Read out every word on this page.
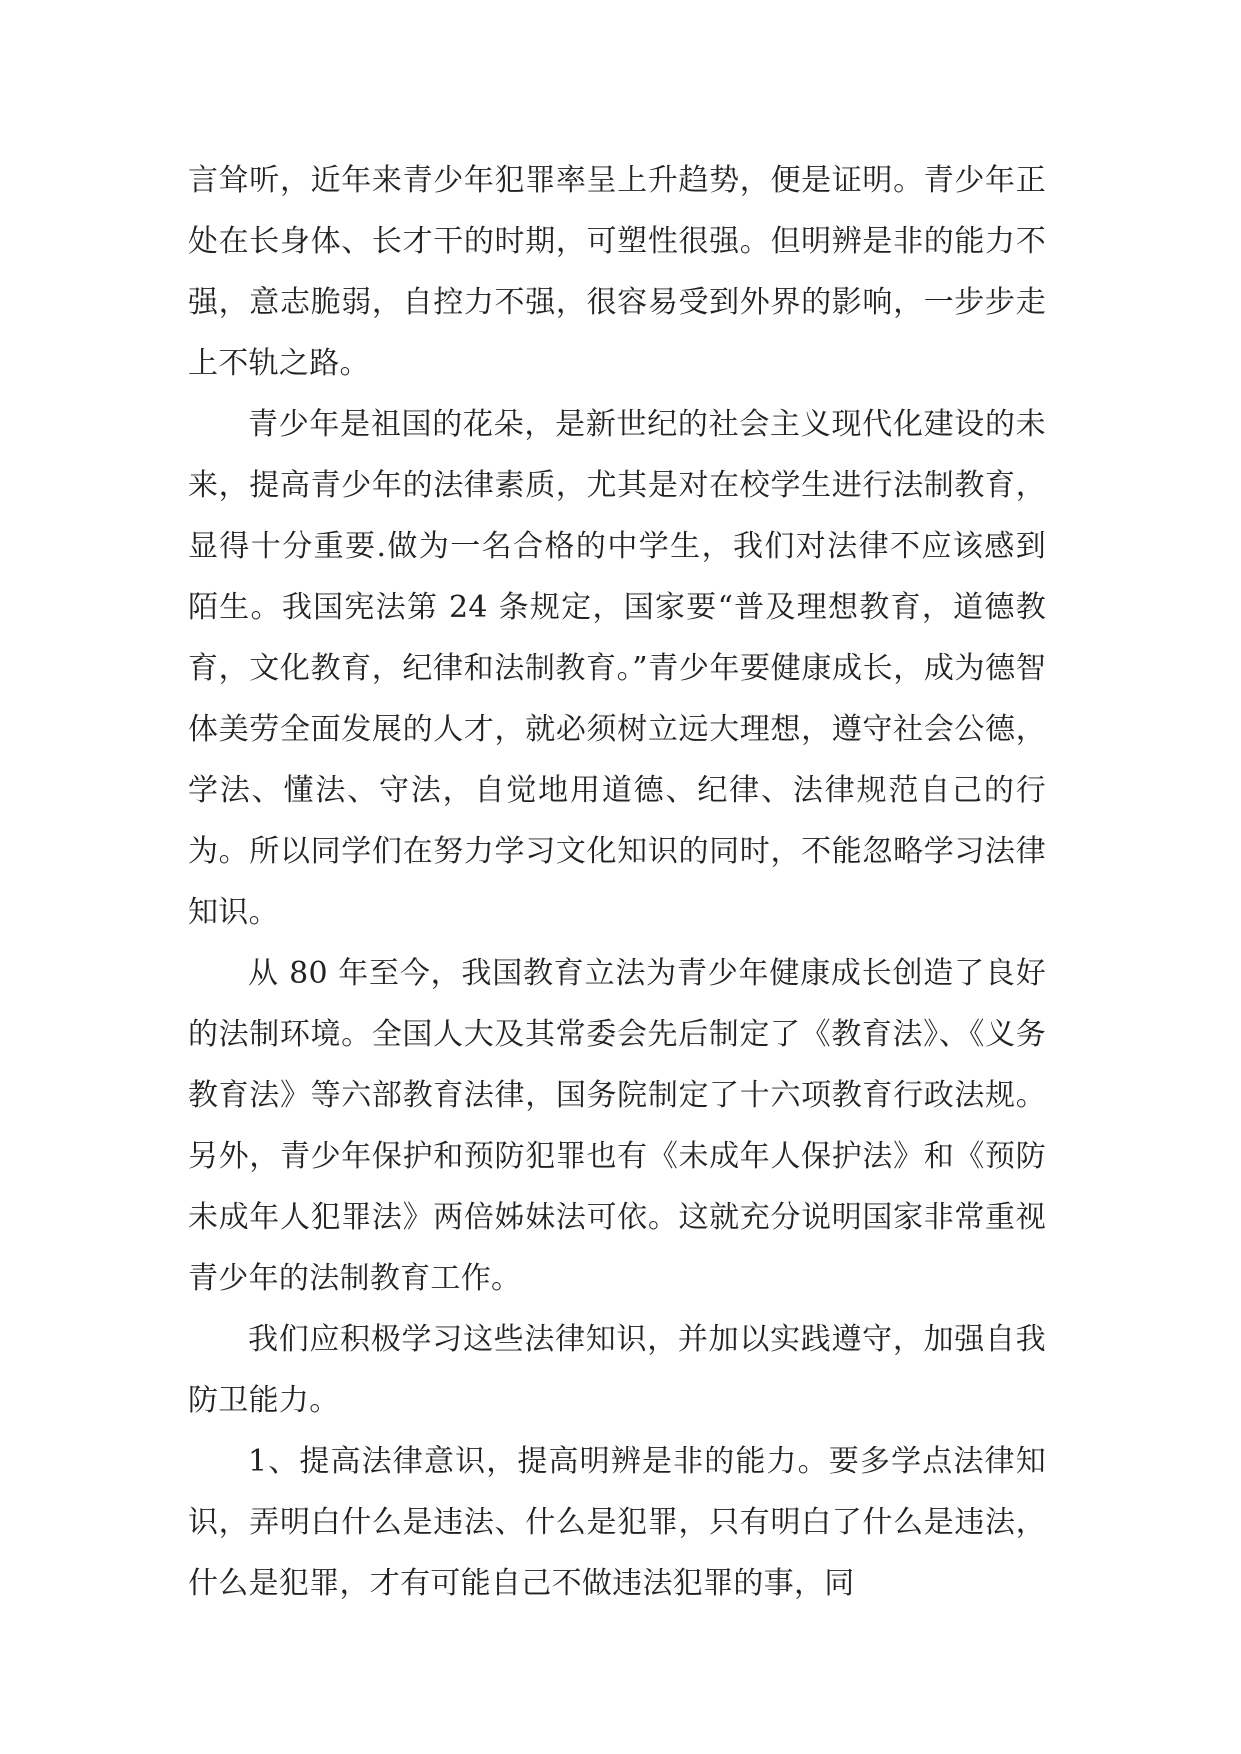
言耸听，近年来青少年犯罪率呈上升趋势，便是证明。青少年正处在长身体、长才干的时期，可塑性很强。但明辨是非的能力不强，意志脆弱，自控力不强，很容易受到外界的影响，一步步走上不轨之路。

青少年是祖国的花朵，是新世纪的社会主义现代化建设的未来，提高青少年的法律素质，尤其是对在校学生进行法制教育，显得十分重要.做为一名合格的中学生，我们对法律不应该感到陌生。我国宪法第 24 条规定，国家要“普及理想教育，道德教育，文化教育，纪律和法制教育。”青少年要健康成长，成为德智体美劳全面发展的人才，就必须树立远大理想，遵守社会公德，学法、懂法、守法，自觉地用道德、纪律、法律规范自己的行为。所以同学们在努力学习文化知识的同时，不能忽略学习法律知识。

从 80 年至今，我国教育立法为青少年健康成长创造了良好的法制环境。全国人大及其常委会先后制定了《教育法》、《义务教育法》等六部教育法律，国务院制定了十六项教育行政法规。另外，青少年保护和预防犯罪也有《未成年人保护法》和《预防未成年人犯罪法》两倍姊妹法可依。这就充分说明国家非常重视青少年的法制教育工作。

我们应积极学习这些法律知识，并加以实践遵守，加强自我防卫能力。

1、提高法律意识，提高明辨是非的能力。要多学点法律知识，弄明白什么是违法、什么是犯罪，只有明白了什么是违法，什么是犯罪，才有可能自己不做违法犯罪的事，同
